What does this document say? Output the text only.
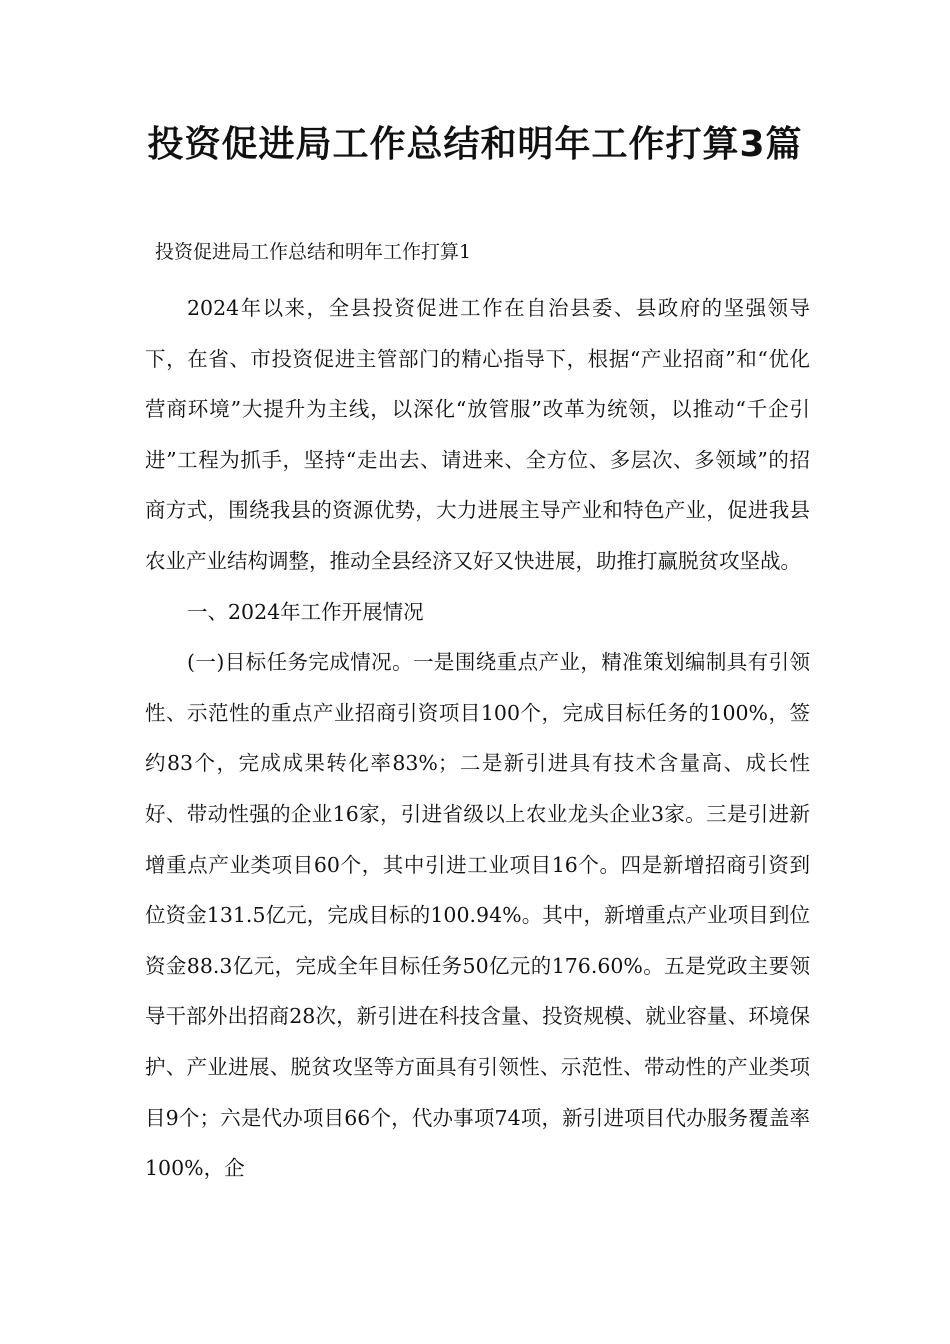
投资促进局工作总结和明年工作打算3篇
投资促进局工作总结和明年工作打算1

2024年以来，全县投资促进工作在自治县委、县政府的坚强领导下，在省、市投资促进主管部门的精心指导下，根据“产业招商”和“优化营商环境”大提升为主线，以深化“放管服”改革为统领，以推动“千企引进”工程为抓手，坚持“走出去、请进来、全方位、多层次、多领域”的招商方式，围绕我县的资源优势，大力进展主导产业和特色产业，促进我县农业产业结构调整，推动全县经济又好又快进展，助推打赢脱贫攻坚战。

一、2024年工作开展情况

(一)目标任务完成情况。一是围绕重点产业，精准策划编制具有引领性、示范性的重点产业招商引资项目100个，完成目标任务的100%，签约83个，完成成果转化率83%；二是新引进具有技术含量高、成长性好、带动性强的企业16家，引进省级以上农业龙头企业3家。三是引进新增重点产业类项目60个，其中引进工业项目16个。四是新增招商引资到位资金131.5亿元，完成目标的100.94%。其中，新增重点产业项目到位资金88.3亿元，完成全年目标任务50亿元的176.60%。五是党政主要领导干部外出招商28次，新引进在科技含量、投资规模、就业容量、环境保护、产业进展、脱贫攻坚等方面具有引领性、示范性、带动性的产业类项目9个；六是代办项目66个，代办事项74项，新引进项目代办服务覆盖率100%，企
